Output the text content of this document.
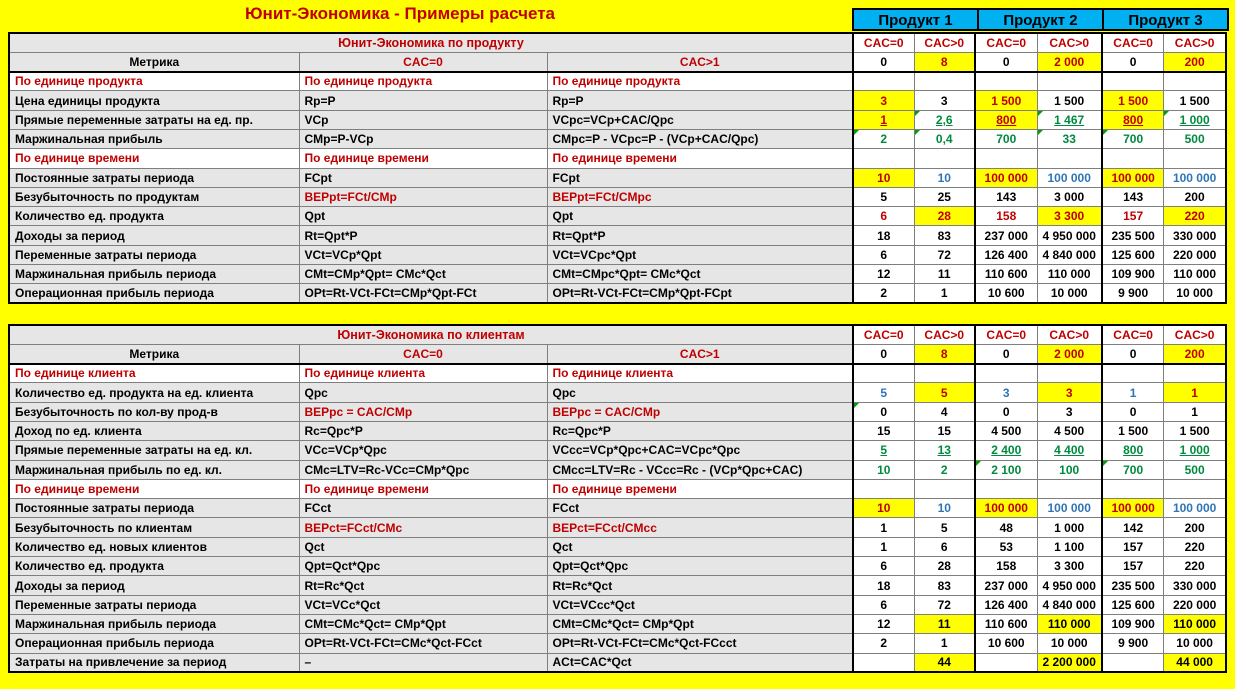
Юнит-Экономика - Примеры расчета	Продукт 1	Продукт 2	Продукт 3
Юнит-Экономика по продукту			CAC=0	CAC>0	CAC=0	CAC>0	CAC=0	CAC>0
Метрика	CAC=0	CAC>1	0	8	0	2 000	0	200
По единице продукта	По единице продукта	По единице продукта						
Цена единицы продукта	Rp=P	Rp=P	3	3	1 500	1 500	1 500	1 500
Прямые переменные затраты на ед. пр.	VCp	VCpc=VCp+CAC/Qpc	1	2,6	800	1 467	800	1 000
Маржинальная прибыль	CMp=P-VCp	CMpc=P - VCpc=P - (VCp+CAC/Qpc)	2	0,4	700	33	700	500
По единице времени	По единице времени	По единице времени						
Постоянные затраты периода	FCpt	FCpt	10	10	100 000	100 000	100 000	100 000
Безубыточность по продуктам	BEPpt=FCt/CMp	BEPpt=FCt/CMpc	5	25	143	3 000	143	200
Количество ед. продукта	Qpt	Qpt	6	28	158	3 300	157	220
Доходы за период	Rt=Qpt*P	Rt=Qpt*P	18	83	237 000	4 950 000	235 500	330 000
Переменные затраты периода	VCt=VCp*Qpt	VCt=VCpc*Qpt	6	72	126 400	4 840 000	125 600	220 000
Маржинальная прибыль периода	CMt=CMp*Qpt= CMc*Qct	CMt=CMpc*Qpt= CMc*Qct	12	11	110 600	110 000	109 900	110 000
Операционная прибыль периода	OPt=Rt-VCt-FCt=CMp*Qpt-FCt	OPt=Rt-VCt-FCt=CMp*Qpt-FCpt	2	1	10 600	10 000	9 900	10 000
Юнит-Экономика по клиентам			CAC=0	CAC>0	CAC=0	CAC>0	CAC=0	CAC>0
Метрика	CAC=0	CAC>1	0	8	0	2 000	0	200
По единице клиента	По единице клиента	По единице клиента						
Количество ед. продукта на ед. клиента	Qpc	Qpc	5	5	3	3	1	1
Безубыточность по кол-ву прод-в	BEPpc = CAC/CMp	BEPpc = CAC/CMp	0	4	0	3	0	1
Доход по ед. клиента	Rc=Qpc*P	Rc=Qpc*P	15	15	4 500	4 500	1 500	1 500
Прямые переменные затраты на ед. кл.	VCc=VCp*Qpc	VCcc=VCp*Qpc+CAC=VCpc*Qpc	5	13	2 400	4 400	800	1 000
Маржинальная прибыль по ед. кл.	CMc=LTV=Rc-VCc=CMp*Qpc	CMcc=LTV=Rc - VCcc=Rc - (VCp*Qpc+CAC)	10	2	2 100	100	700	500
По единице времени	По единице времени	По единице времени						
Постоянные затраты периода	FCct	FCct	10	10	100 000	100 000	100 000	100 000
Безубыточность по клиентам	BEPct=FCct/CMc	BEPct=FCct/CMcc	1	5	48	1 000	142	200
Количество ед. новых клиентов	Qct	Qct	1	6	53	1 100	157	220
Количество ед. продукта	Qpt=Qct*Qpc	Qpt=Qct*Qpc	6	28	158	3 300	157	220
Доходы за период	Rt=Rc*Qct	Rt=Rc*Qct	18	83	237 000	4 950 000	235 500	330 000
Переменные затраты периода	VCt=VCc*Qct	VCt=VCcc*Qct	6	72	126 400	4 840 000	125 600	220 000
Маржинальная прибыль периода	CMt=CMc*Qct= CMp*Qpt	CMt=CMc*Qct= CMp*Qpt	12	11	110 600	110 000	109 900	110 000
Операционная прибыль периода	OPt=Rt-VCt-FCt=CMc*Qct-FCct	OPt=Rt-VCt-FCt=CMc*Qct-FCcct	2	1	10 600	10 000	9 900	10 000
Затраты на привлечение за период	–	ACt=CAC*Qct		44		2 200 000		44 000
